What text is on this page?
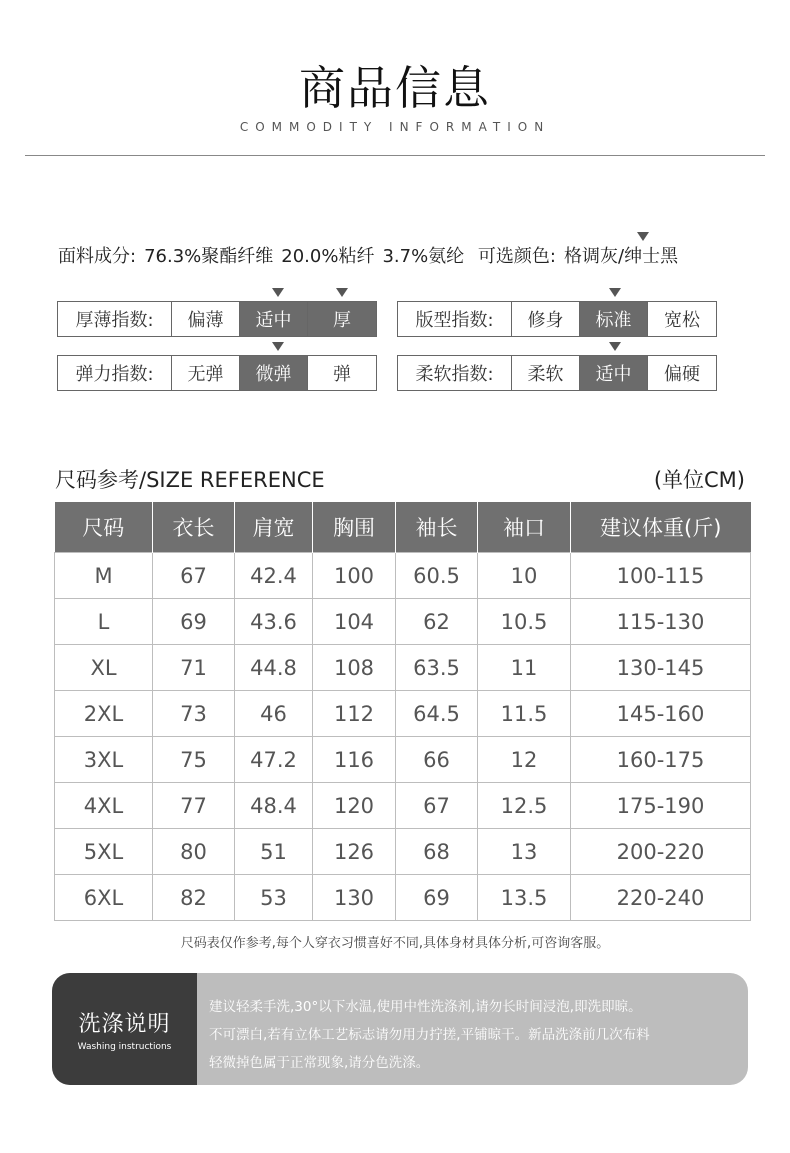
商品信息
COMMODITY INFORMATION
面料成分: 76.3%聚酯纤维 20.0%粘纤 3.7%氨纶 可选颜色: 格调灰/绅士黑
厚薄指数:	偏薄	适中	厚	版型指数:	修身	标准	宽松
弹力指数:	无弹	微弹	弹	柔软指数:	柔软	适中	偏硬
尺码参考/SIZE REFERENCE	(单位CM)
尺码	衣长	肩宽	胸围	袖长	袖口	建议体重(斤)
M	67	42.4	100	60.5	10	100-115
L	69	43.6	104	62	10.5	115-130
XL	71	44.8	108	63.5	11	130-145
2XL	73	46	112	64.5	11.5	145-160
3XL	75	47.2	116	66	12	160-175
4XL	77	48.4	120	67	12.5	175-190
5XL	80	51	126	68	13	200-220
6XL	82	53	130	69	13.5	220-240
尺码表仅作参考,每个人穿衣习惯喜好不同,具体身材具体分析,可咨询客服。
洗涤说明
Washing instructions
建议轻柔手洗,30°以下水温,使用中性洗涤剂,请勿长时间浸泡,即洗即晾。
不可漂白,若有立体工艺标志请勿用力拧搓,平铺晾干。新品洗涤前几次布料
轻微掉色属于正常现象,请分色洗涤。
